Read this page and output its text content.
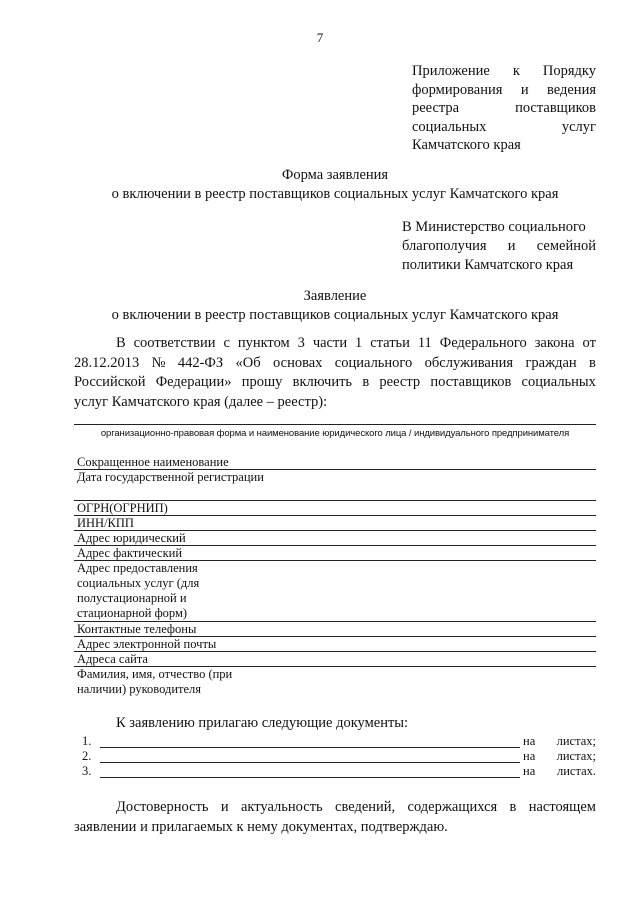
7
Приложение к Порядку
формирования и ведения
реестра	поставщиков
социальных	услуг
Камчатского края
Форма заявления
о включении в реестр поставщиков социальных услуг Камчатского края
В Министерство социального
благополучия и семейной
политики Камчатского края
Заявление
о включении в реестр поставщиков социальных услуг Камчатского края
В соответствии с пунктом 3 части 1 статьи 11 Федерального закона от
28.12.2013 № 442-ФЗ «Об основах социального обслуживания граждан в
Российской Федерации» прошу включить в реестр поставщиков социальных
услуг Камчатского края (далее – реестр):
организационно-правовая форма и наименование юридического лица / индивидуального предпринимателя
Сокращенное наименование
Дата государственной регистрации
ОГРН(ОГРНИП)
ИНН/КПП
Адрес юридический
Адрес фактический
Адрес предоставления социальных услуг (для полустационарной и стационарной форм)
Контактные телефоны
Адрес электронной почты
Адреса сайта
Фамилия, имя, отчество (при наличии) руководителя
К заявлению прилагаю следующие документы:
1.	на листах;
2.	на листах;
3.	на листах.
Достоверность и актуальность сведений, содержащихся в настоящем
заявлении и прилагаемых к нему документах, подтверждаю.
